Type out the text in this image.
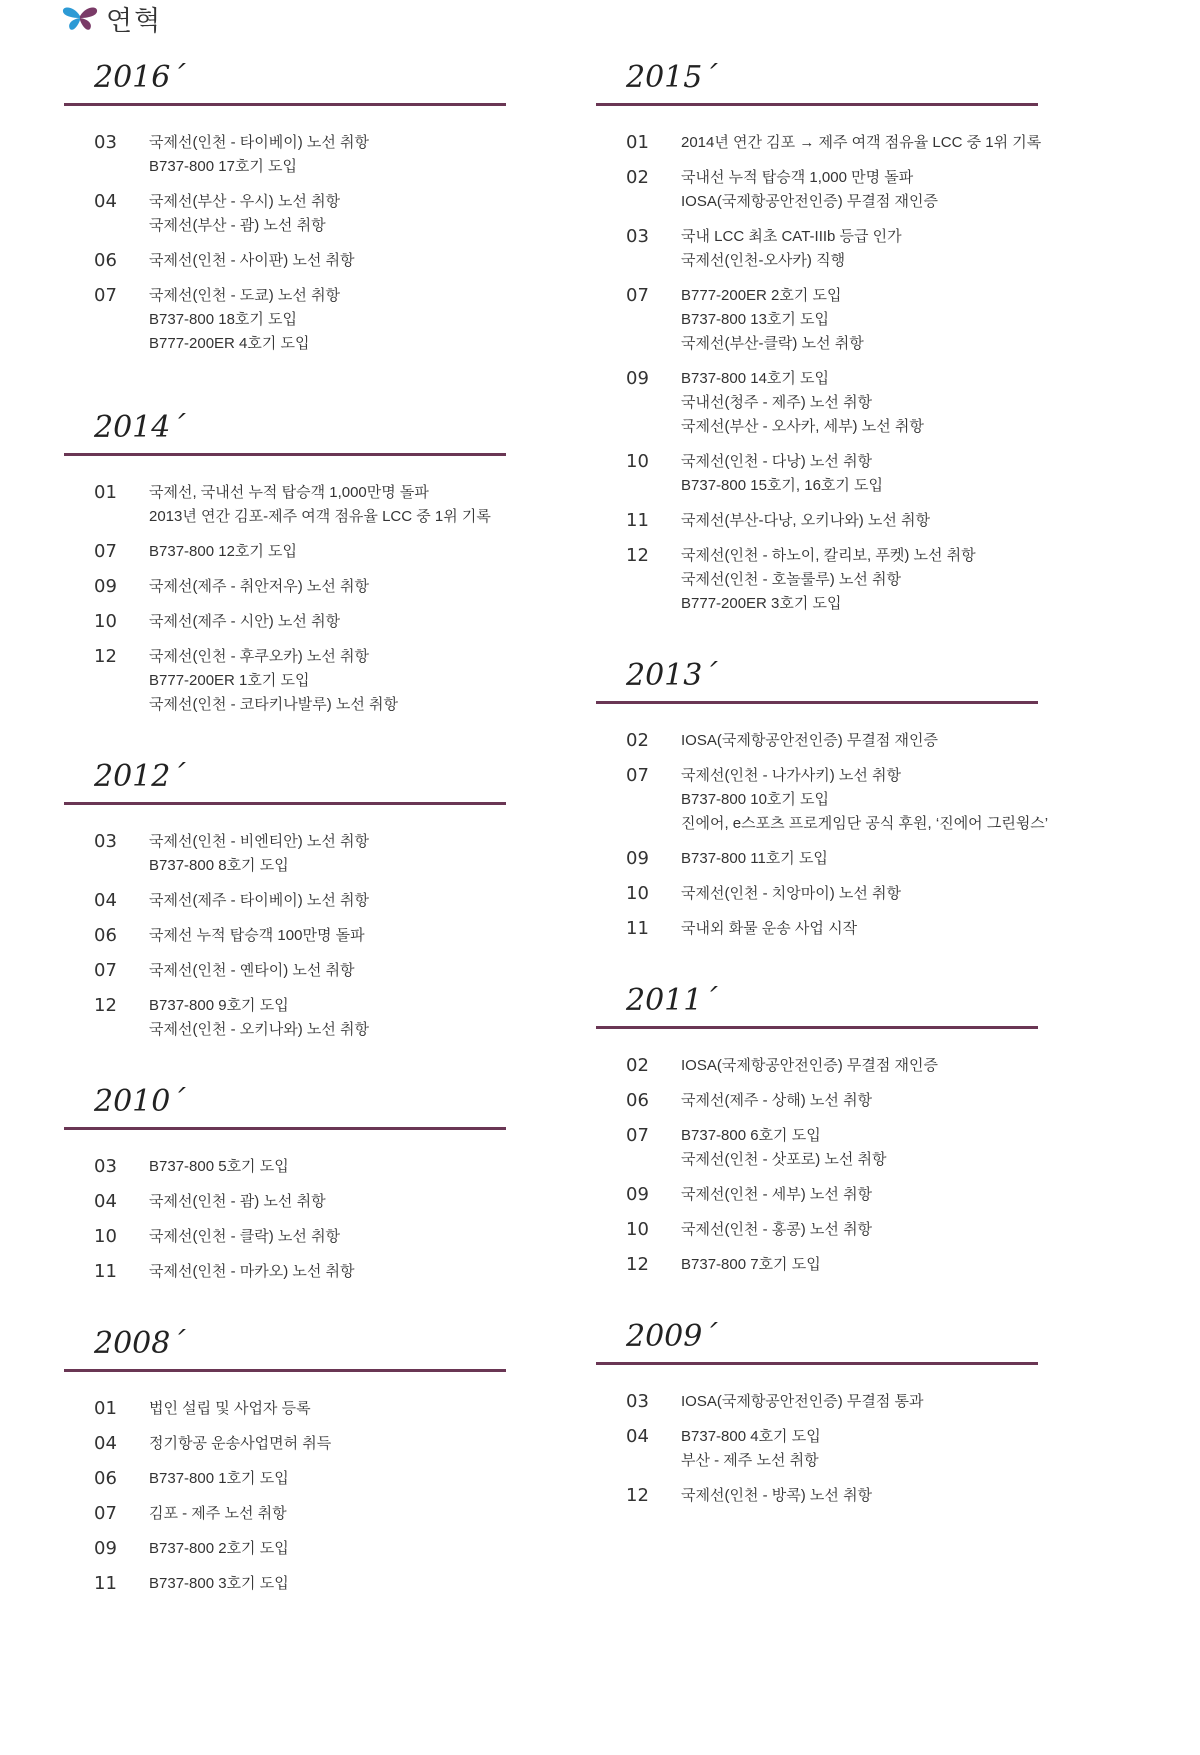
연혁
2016´
03	국제선(인천 - 타이베이) 노선 취항
B737-800 17호기 도입
04	국제선(부산 - 우시) 노선 취항
국제선(부산 - 괌) 노선 취항
06	국제선(인천 - 사이판) 노선 취항
07	국제선(인천 - 도쿄) 노선 취항
B737-800 18호기 도입
B777-200ER 4호기 도입
2014´
01	국제선, 국내선 누적 탑승객 1,000만명 돌파
2013년 연간 김포-제주 여객 점유율 LCC 중 1위 기록
07	B737-800 12호기 도입
09	국제선(제주 - 취안저우) 노선 취항
10	국제선(제주 - 시안) 노선 취항
12	국제선(인천 - 후쿠오카) 노선 취항
B777-200ER 1호기 도입
국제선(인천 - 코타키나발루) 노선 취항
2012´
03	국제선(인천 - 비엔티안) 노선 취항
B737-800 8호기 도입
04	국제선(제주 - 타이베이) 노선 취항
06	국제선 누적 탑승객 100만명 돌파
07	국제선(인천 - 옌타이) 노선 취항
12	B737-800 9호기 도입
국제선(인천 - 오키나와) 노선 취항
2010´
03	B737-800 5호기 도입
04	국제선(인천 - 괌) 노선 취항
10	국제선(인천 - 클락) 노선 취항
11	국제선(인천 - 마카오) 노선 취항
2008´
01	법인 설립 및 사업자 등록
04	정기항공 운송사업면허 취득
06	B737-800 1호기 도입
07	김포 - 제주 노선 취항
09	B737-800 2호기 도입
11	B737-800 3호기 도입
2015´
01	2014년 연간 김포 → 제주 여객 점유율 LCC 중 1위 기록
02	국내선 누적 탑승객 1,000 만명 돌파
IOSA(국제항공안전인증) 무결점 재인증
03	국내 LCC 최초 CAT-IIIb 등급 인가
국제선(인천-오사카) 직행
07	B777-200ER 2호기 도입
B737-800 13호기 도입
국제선(부산-클락) 노선 취항
09	B737-800 14호기 도입
국내선(청주 - 제주) 노선 취항
국제선(부산 - 오사카, 세부) 노선 취항
10	국제선(인천 - 다낭) 노선 취항
B737-800 15호기, 16호기 도입
11	국제선(부산-다낭, 오키나와) 노선 취항
12	국제선(인천 - 하노이, 칼리보, 푸켓) 노선 취항
국제선(인천 - 호놀룰루) 노선 취항
B777-200ER 3호기 도입
2013´
02	IOSA(국제항공안전인증) 무결점 재인증
07	국제선(인천 - 나가사키) 노선 취항
B737-800 10호기 도입
진에어, e스포츠 프로게임단 공식 후원, ‘진에어 그린윙스’
09	B737-800 11호기 도입
10	국제선(인천 - 치앙마이) 노선 취항
11	국내외 화물 운송 사업 시작
2011´
02	IOSA(국제항공안전인증) 무결점 재인증
06	국제선(제주 - 상해) 노선 취항
07	B737-800 6호기 도입
국제선(인천 - 삿포로) 노선 취항
09	국제선(인천 - 세부) 노선 취항
10	국제선(인천 - 홍콩) 노선 취항
12	B737-800 7호기 도입
2009´
03	IOSA(국제항공안전인증) 무결점 통과
04	B737-800 4호기 도입
부산 - 제주 노선 취항
12	국제선(인천 - 방콕) 노선 취항
